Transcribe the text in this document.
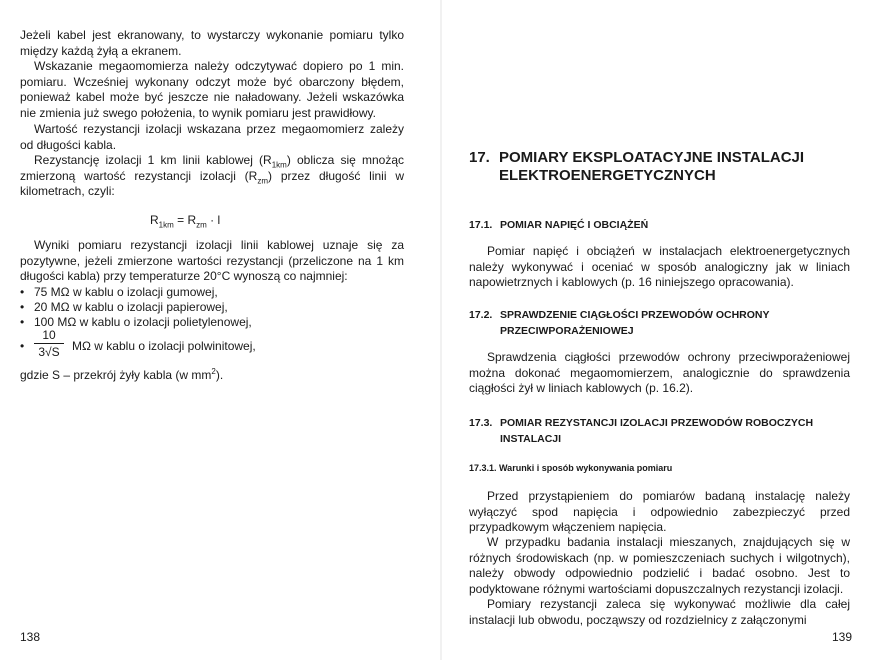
Jeżeli kabel jest ekranowany, to wystarczy wykonanie pomiaru tylko między każdą żyłą a ekranem.

Wskazanie megaomomierza należy odczytywać dopiero po 1 min. pomiaru. Wcześniej wykonany odczyt może być obarczony błędem, ponieważ kabel może być jeszcze nie naładowany. Jeżeli wskazówka nie zmienia już swego położenia, to wynik pomiaru jest prawidłowy.

Wartość rezystancji izolacji wskazana przez megaomomierz zależy od długości kabla.

Rezystancję izolacji 1 km linii kablowej $(R_{1km})$ oblicza się mnożąc zmierzoną wartość rezystancji izolacji $(R_{zm})$ przez długość linii w kilometrach, czyli:

$R_{1km} = R_{zm} \cdot l$

Wyniki pomiaru rezystancji izolacji linii kablowej uznaje się za pozytywne, jeżeli zmierzone wartości rezystancji (przeliczone na 1 km długości kabla) przy temperaturze 20°C wynoszą co najmniej:

• 75 MΩ w kablu o izolacji gumowej,
• 20 MΩ w kablu o izolacji papierowej,
• 100 MΩ w kablu o izolacji polietylenowej,
• $\frac{10}{3√S}$ MΩ w kablu o izolacji polwinitowej,

gdzie S – przekrój żyły kabla (w $mm^2$).

138
17. POMIARY EKSPLOATACYJNE INSTALACJI ELEKTROENERGETYCZNYCH
17.1. POMIAR NAPIĘĆ I OBCIĄŻEŃ

Pomiar napięć i obciążeń w instalacjach elektroenergetycznych należy wykonywać i oceniać w sposób analogiczny jak w liniach napowietrznych i kablowych (p. 16 niniejszego opracowania).

17.2. SPRAWDZENIE CIĄGŁOŚCI PRZEWODÓW OCHRONY PRZECIWPORAŻENIOWEJ

Sprawdzenia ciągłości przewodów ochrony przeciwporażeniowej można dokonać megaomomierzem, analogicznie do sprawdzenia ciągłości żył w liniach kablowych (p. 16.2).

17.3. POMIAR REZYSTANCJI IZOLACJI PRZEWODÓW ROBOCZYCH INSTALACJI
17.3.1. Warunki i sposób wykonywania pomiaru

Przed przystąpieniem do pomiarów badaną instalację należy wyłączyć spod napięcia i odpowiednio zabezpieczyć przed przypadkowym włączeniem napięcia.

W przypadku badania instalacji mieszanych, znajdujących się w różnych środowiskach (np. w pomieszczeniach suchych i wilgotnych), należy obwody odpowiednio podzielić i badać osobno. Jest to podyktowane różnymi wartościami dopuszczalnych rezystancji izolacji.

Pomiary rezystancji zaleca się wykonywać możliwie dla całej instalacji lub obwodu, począwszy od rozdzielnicy z załączonymi

139
